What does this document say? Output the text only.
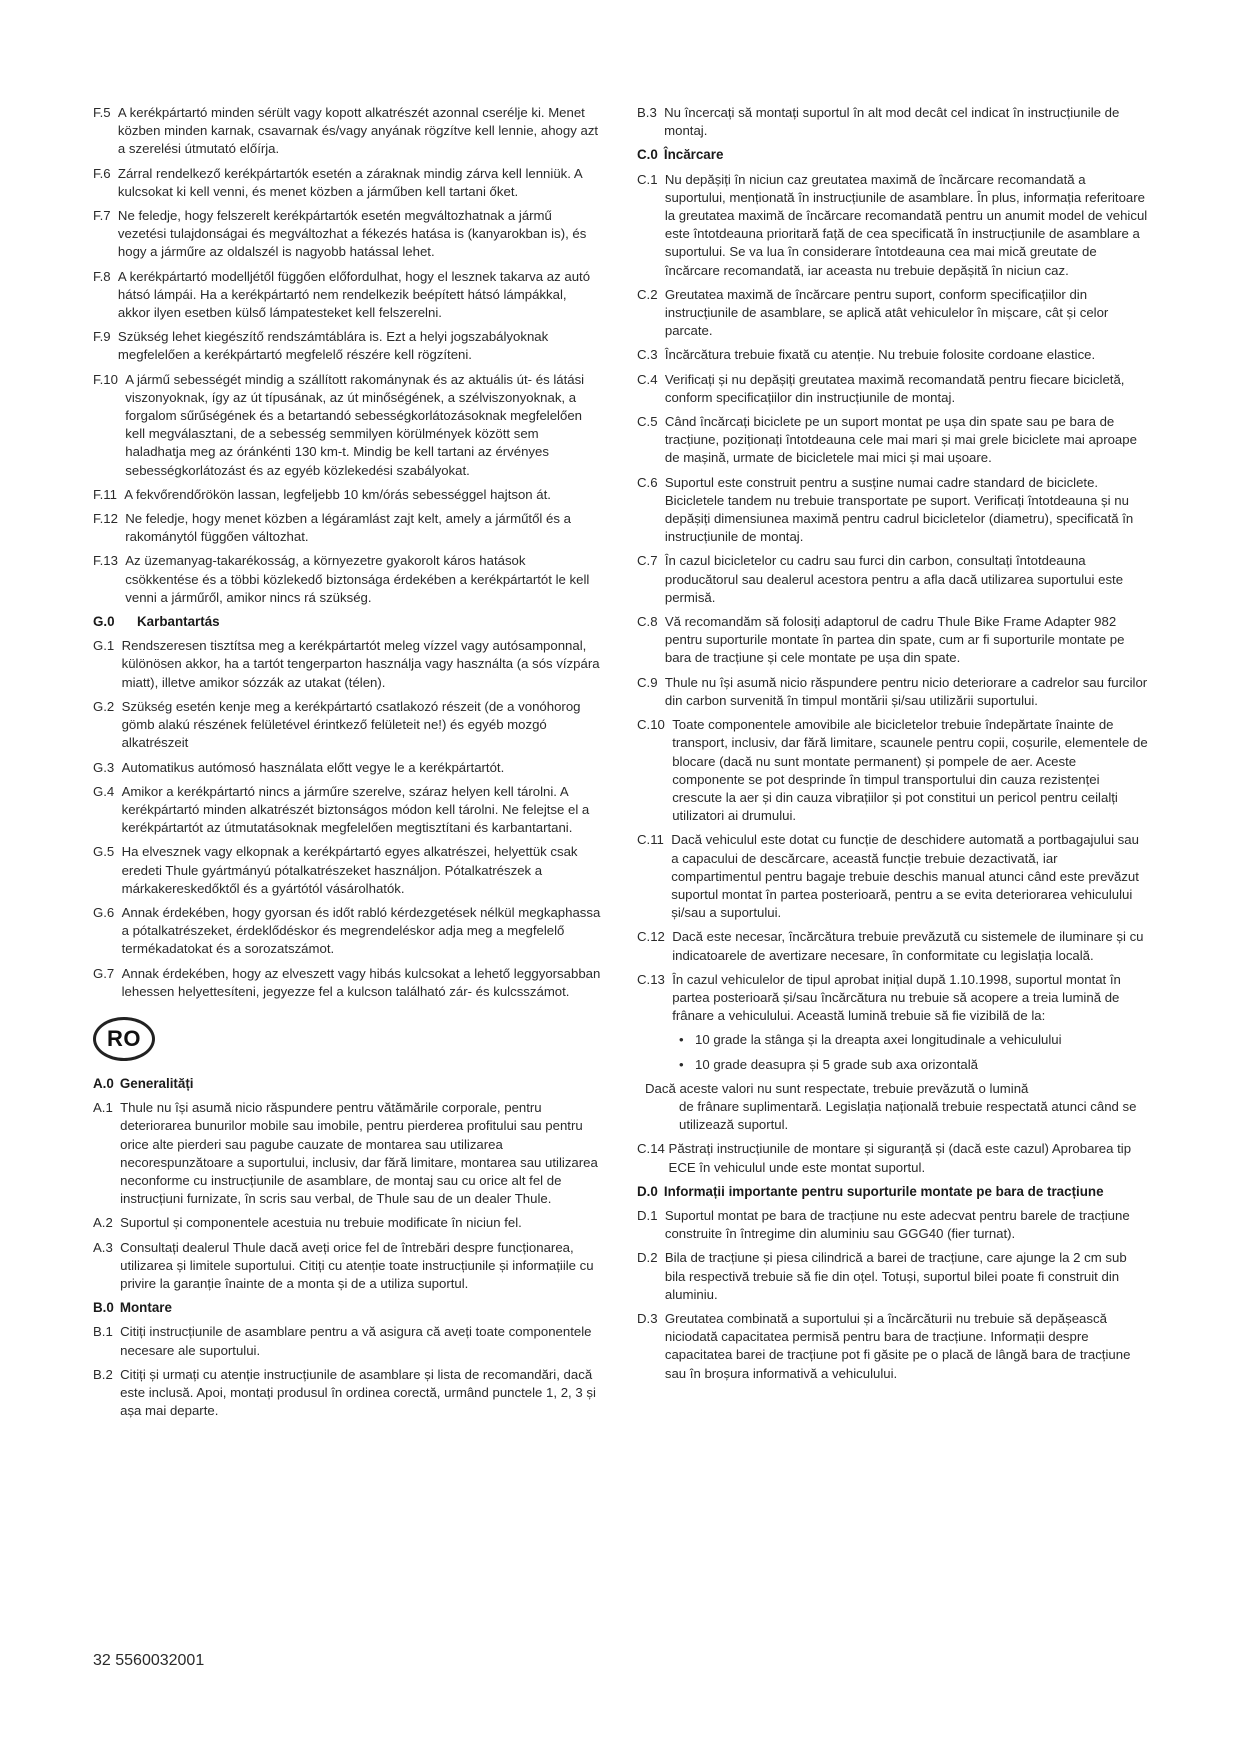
F.5
A kerékpártartó minden sérült vagy kopott alkatrészét azonnal cserélje ki. Menet közben minden karnak, csavarnak és/vagy anyának rögzítve kell lennie, ahogy azt a szerelési útmutató előírja.
F.6
Zárral rendelkező kerékpártartók esetén a záraknak mindig zárva kell lenniük. A kulcsokat ki kell venni, és menet közben a járműben kell tartani őket.
F.7
Ne feledje, hogy felszerelt kerékpártartók esetén megváltozhatnak a jármű vezetési tulajdonságai és megváltozhat a fékezés hatása is (kanyarokban is), és hogy a járműre az oldalszél is nagyobb hatással lehet.
F.8
A kerékpártartó modelljétől függően előfordulhat, hogy el lesznek takarva az autó hátsó lámpái. Ha a kerékpártartó nem rendelkezik beépített hátsó lámpákkal, akkor ilyen esetben külső lámpatesteket kell felszerelni.
F.9
Szükség lehet kiegészítő rendszámtáblára is. Ezt a helyi jogszabályoknak megfelelően a kerékpártartó megfelelő részére kell rögzíteni.
F.10
A jármű sebességét mindig a szállított rakománynak és az aktuális út- és látási viszonyoknak, így az út típusának, az út minőségének, a szélviszonyoknak, a forgalom sűrűségének és a betartandó sebességkorlátozásoknak megfelelően kell megválasztani, de a sebesség semmilyen körülmények között sem haladhatja meg az óránkénti 130 km-t. Mindig be kell tartani az érvényes sebességkorlátozást és az egyéb közlekedési szabályokat.
F.11
A fekvőrendőrökön lassan, legfeljebb 10 km/órás sebességgel hajtson át.
F.12
Ne feledje, hogy menet közben a légáramlást zajt kelt, amely a járműtől és a rakománytól függően változhat.
F.13
Az üzemanyag-takarékosság, a környezetre gyakorolt káros hatások csökkentése és a többi közlekedő biztonsága érdekében a kerékpártartót le kell venni a járműről, amikor nincs rá szükség.
G.0 Karbantartás
G.1
Rendszeresen tisztítsa meg a kerékpártartót meleg vízzel vagy autósamponnal, különösen akkor, ha a tartót tengerparton használja vagy használta (a sós vízpára miatt), illetve amikor sózzák az utakat (télen).
G.2
Szükség esetén kenje meg a kerékpártartó csatlakozó részeit (de a vonóhorog gömb alakú részének felületével érintkező felületeit ne!) és egyéb mozgó alkatrészeit
G.3
Automatikus autómosó használata előtt vegye le a kerékpártartót.
G.4
Amikor a kerékpártartó nincs a járműre szerelve, száraz helyen kell tárolni. A kerékpártartó minden alkatrészét biztonságos módon kell tárolni. Ne felejtse el a kerékpártartót az útmutatásoknak megfelelően megtisztítani és karbantartani.
G.5
Ha elvesznek vagy elkopnak a kerékpártartó egyes alkatrészei, helyettük csak eredeti Thule gyártmányú pótalkatrészeket használjon. Pótalkatrészek a márkakereskedőktől és a gyártótól vásárolhatók.
G.6
Annak érdekében, hogy gyorsan és időt rabló kérdezgetések nélkül megkaphassa a pótalkatrészeket, érdeklődéskor és megrendeléskor adja meg a megfelelő termékadatokat és a sorozatszámot.
G.7
Annak érdekében, hogy az elveszett vagy hibás kulcsokat a lehető leggyorsabban lehessen helyettesíteni, jegyezze fel a kulcson található zár- és kulcsszámot.
RO
A.0 Generalități
A.1
Thule nu își asumă nicio răspundere pentru vătămările corporale, pentru deteriorarea bunurilor mobile sau imobile, pentru pierderea profitului sau pentru orice alte pierderi sau pagube cauzate de montarea sau utilizarea necorespunzătoare a suportului, inclusiv, dar fără limitare, montarea sau utilizarea neconforme cu instrucțiunile de asamblare, de montaj sau cu orice alt fel de instrucțiuni furnizate, în scris sau verbal, de Thule sau de un dealer Thule.
A.2
Suportul și componentele acestuia nu trebuie modificate în niciun fel.
A.3
Consultați dealerul Thule dacă aveți orice fel de întrebări despre funcționarea, utilizarea și limitele suportului. Citiți cu atenție toate instrucțiunile și informațiile cu privire la garanție înainte de a monta și de a utiliza suportul.
B.0 Montare
B.1
Citiți instrucțiunile de asamblare pentru a vă asigura că aveți toate componentele necesare ale suportului.
B.2
Citiți și urmați cu atenție instrucțiunile de asamblare și lista de recomandări, dacă este inclusă. Apoi, montați produsul în ordinea corectă, urmând punctele 1, 2, 3 și așa mai departe.
B.3
Nu încercați să montați suportul în alt mod decât cel indicat în instrucțiunile de montaj.
C.0 Încărcare
C.1
Nu depășiți în niciun caz greutatea maximă de încărcare recomandată a suportului, menționată în instrucțiunile de asamblare. În plus, informația referitoare la greutatea maximă de încărcare recomandată pentru un anumit model de vehicul este întotdeauna prioritară față de cea specificată în instrucțiunile de asamblare a suportului. Se va lua în considerare întotdeauna cea mai mică greutate de încărcare recomandată, iar aceasta nu trebuie depășită în niciun caz.
C.2
Greutatea maximă de încărcare pentru suport, conform specificațiilor din instrucțiunile de asamblare, se aplică atât vehiculelor în mișcare, cât și celor parcate.
C.3
Încărcătura trebuie fixată cu atenție. Nu trebuie folosite cordoane elastice.
C.4
Verificați și nu depășiți greutatea maximă recomandată pentru fiecare bicicletă, conform specificațiilor din instrucțiunile de montaj.
C.5
Când încărcați biciclete pe un suport montat pe ușa din spate sau pe bara de tracțiune, poziționați întotdeauna cele mai mari și mai grele biciclete mai aproape de mașină, urmate de bicicletele mai mici și mai ușoare.
C.6
Suportul este construit pentru a susține numai cadre standard de biciclete. Bicicletele tandem nu trebuie transportate pe suport. Verificați întotdeauna și nu depășiți dimensiunea maximă pentru cadrul bicicletelor (diametru), specificată în instrucțiunile de montaj.
C.7
În cazul bicicletelor cu cadru sau furci din carbon, consultați întotdeauna producătorul sau dealerul acestora pentru a afla dacă utilizarea suportului este permisă.
C.8
Vă recomandăm să folosiți adaptorul de cadru Thule Bike Frame Adapter 982 pentru suporturile montate în partea din spate, cum ar fi suporturile montate pe bara de tracțiune și cele montate pe ușa din spate.
C.9
Thule nu își asumă nicio răspundere pentru nicio deteriorare a cadrelor sau furcilor din carbon survenită în timpul montării și/sau utilizării suportului.
C.10
Toate componentele amovibile ale bicicletelor trebuie îndepărtate înainte de transport, inclusiv, dar fără limitare, scaunele pentru copii, coșurile, elementele de blocare (dacă nu sunt montate permanent) și pompele de aer. Aceste componente se pot desprinde în timpul transportului din cauza rezistenței crescute la aer și din cauza vibrațiilor și pot constitui un pericol pentru ceilalți utilizatori ai drumului.
C.11
Dacă vehiculul este dotat cu funcție de deschidere automată a portbagajului sau a capacului de descărcare, această funcție trebuie dezactivată, iar compartimentul pentru bagaje trebuie deschis manual atunci când este prevăzut suportul montat în partea posterioară, pentru a se evita deteriorarea vehiculului și/sau a suportului.
C.12
Dacă este necesar, încărcătura trebuie prevăzută cu sistemele de iluminare și cu indicatoarele de avertizare necesare, în conformitate cu legislația locală.
C.13
În cazul vehiculelor de tipul aprobat inițial după 1.10.1998, suportul montat în partea posterioară și/sau încărcătura nu trebuie să acopere a treia lumină de frânare a vehiculului. Această lumină trebuie să fie vizibilă de la:
• 10 grade la stânga și la dreapta axei longitudinale a vehiculului
• 10 grade deasupra și 5 grade sub axa orizontală
Dacă aceste valori nu sunt respectate, trebuie prevăzută o lumină
de frânare suplimentară. Legislația națională trebuie respectată atunci când se utilizează suportul.
C.14
Păstrați instrucțiunile de montare și siguranță și (dacă este cazul) Aprobarea tip ECE în vehiculul unde este montat suportul.
D.0 Informații importante pentru suporturile montate pe bara de tracțiune
D.1
Suportul montat pe bara de tracțiune nu este adecvat pentru barele de tracțiune construite în întregime din aluminiu sau GGG40 (fier turnat).
D.2
Bila de tracțiune și piesa cilindrică a barei de tracțiune, care ajunge la 2 cm sub bila respectivă trebuie să fie din oțel. Totuși, suportul bilei poate fi construit din aluminiu.
D.3
Greutatea combinată a suportului și a încărcăturii nu trebuie să depășească niciodată capacitatea permisă pentru bara de tracțiune. Informații despre capacitatea barei de tracțiune pot fi găsite pe o placă de lângă bara de tracțiune sau în broșura informativă a vehiculului.
32 5560032001
